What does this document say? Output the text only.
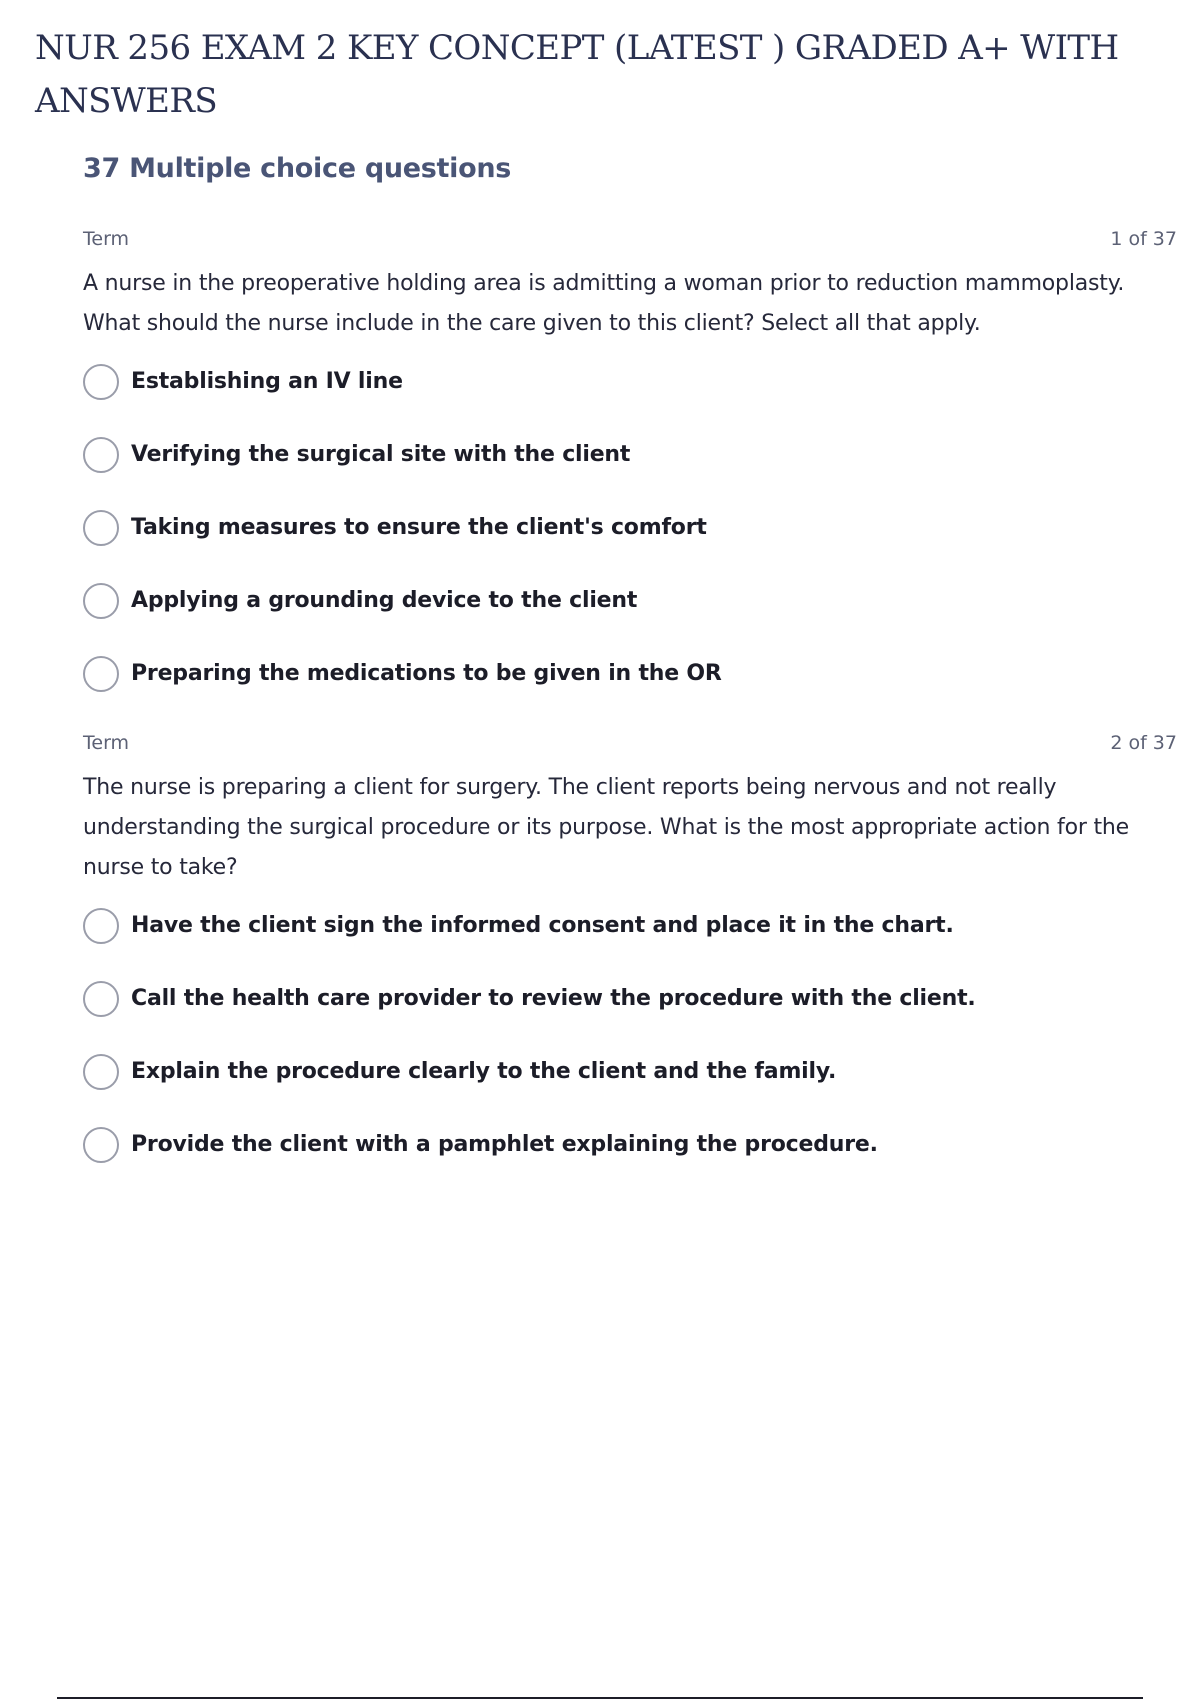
NUR 256 EXAM 2 KEY CONCEPT (LATEST ) GRADED A+ WITH ANSWERS
37 Multiple choice questions
Term	1 of 37

A nurse in the preoperative holding area is admitting a woman prior to reduction mammoplasty. What should the nurse include in the care given to this client? Select all that apply.

Establishing an IV line
Verifying the surgical site with the client
Taking measures to ensure the client's comfort
Applying a grounding device to the client
Preparing the medications to be given in the OR
Term	2 of 37

The nurse is preparing a client for surgery. The client reports being nervous and not really understanding the surgical procedure or its purpose. What is the most appropriate action for the nurse to take?

Have the client sign the informed consent and place it in the chart.
Call the health care provider to review the procedure with the client.
Explain the procedure clearly to the client and the family.
Provide the client with a pamphlet explaining the procedure.
